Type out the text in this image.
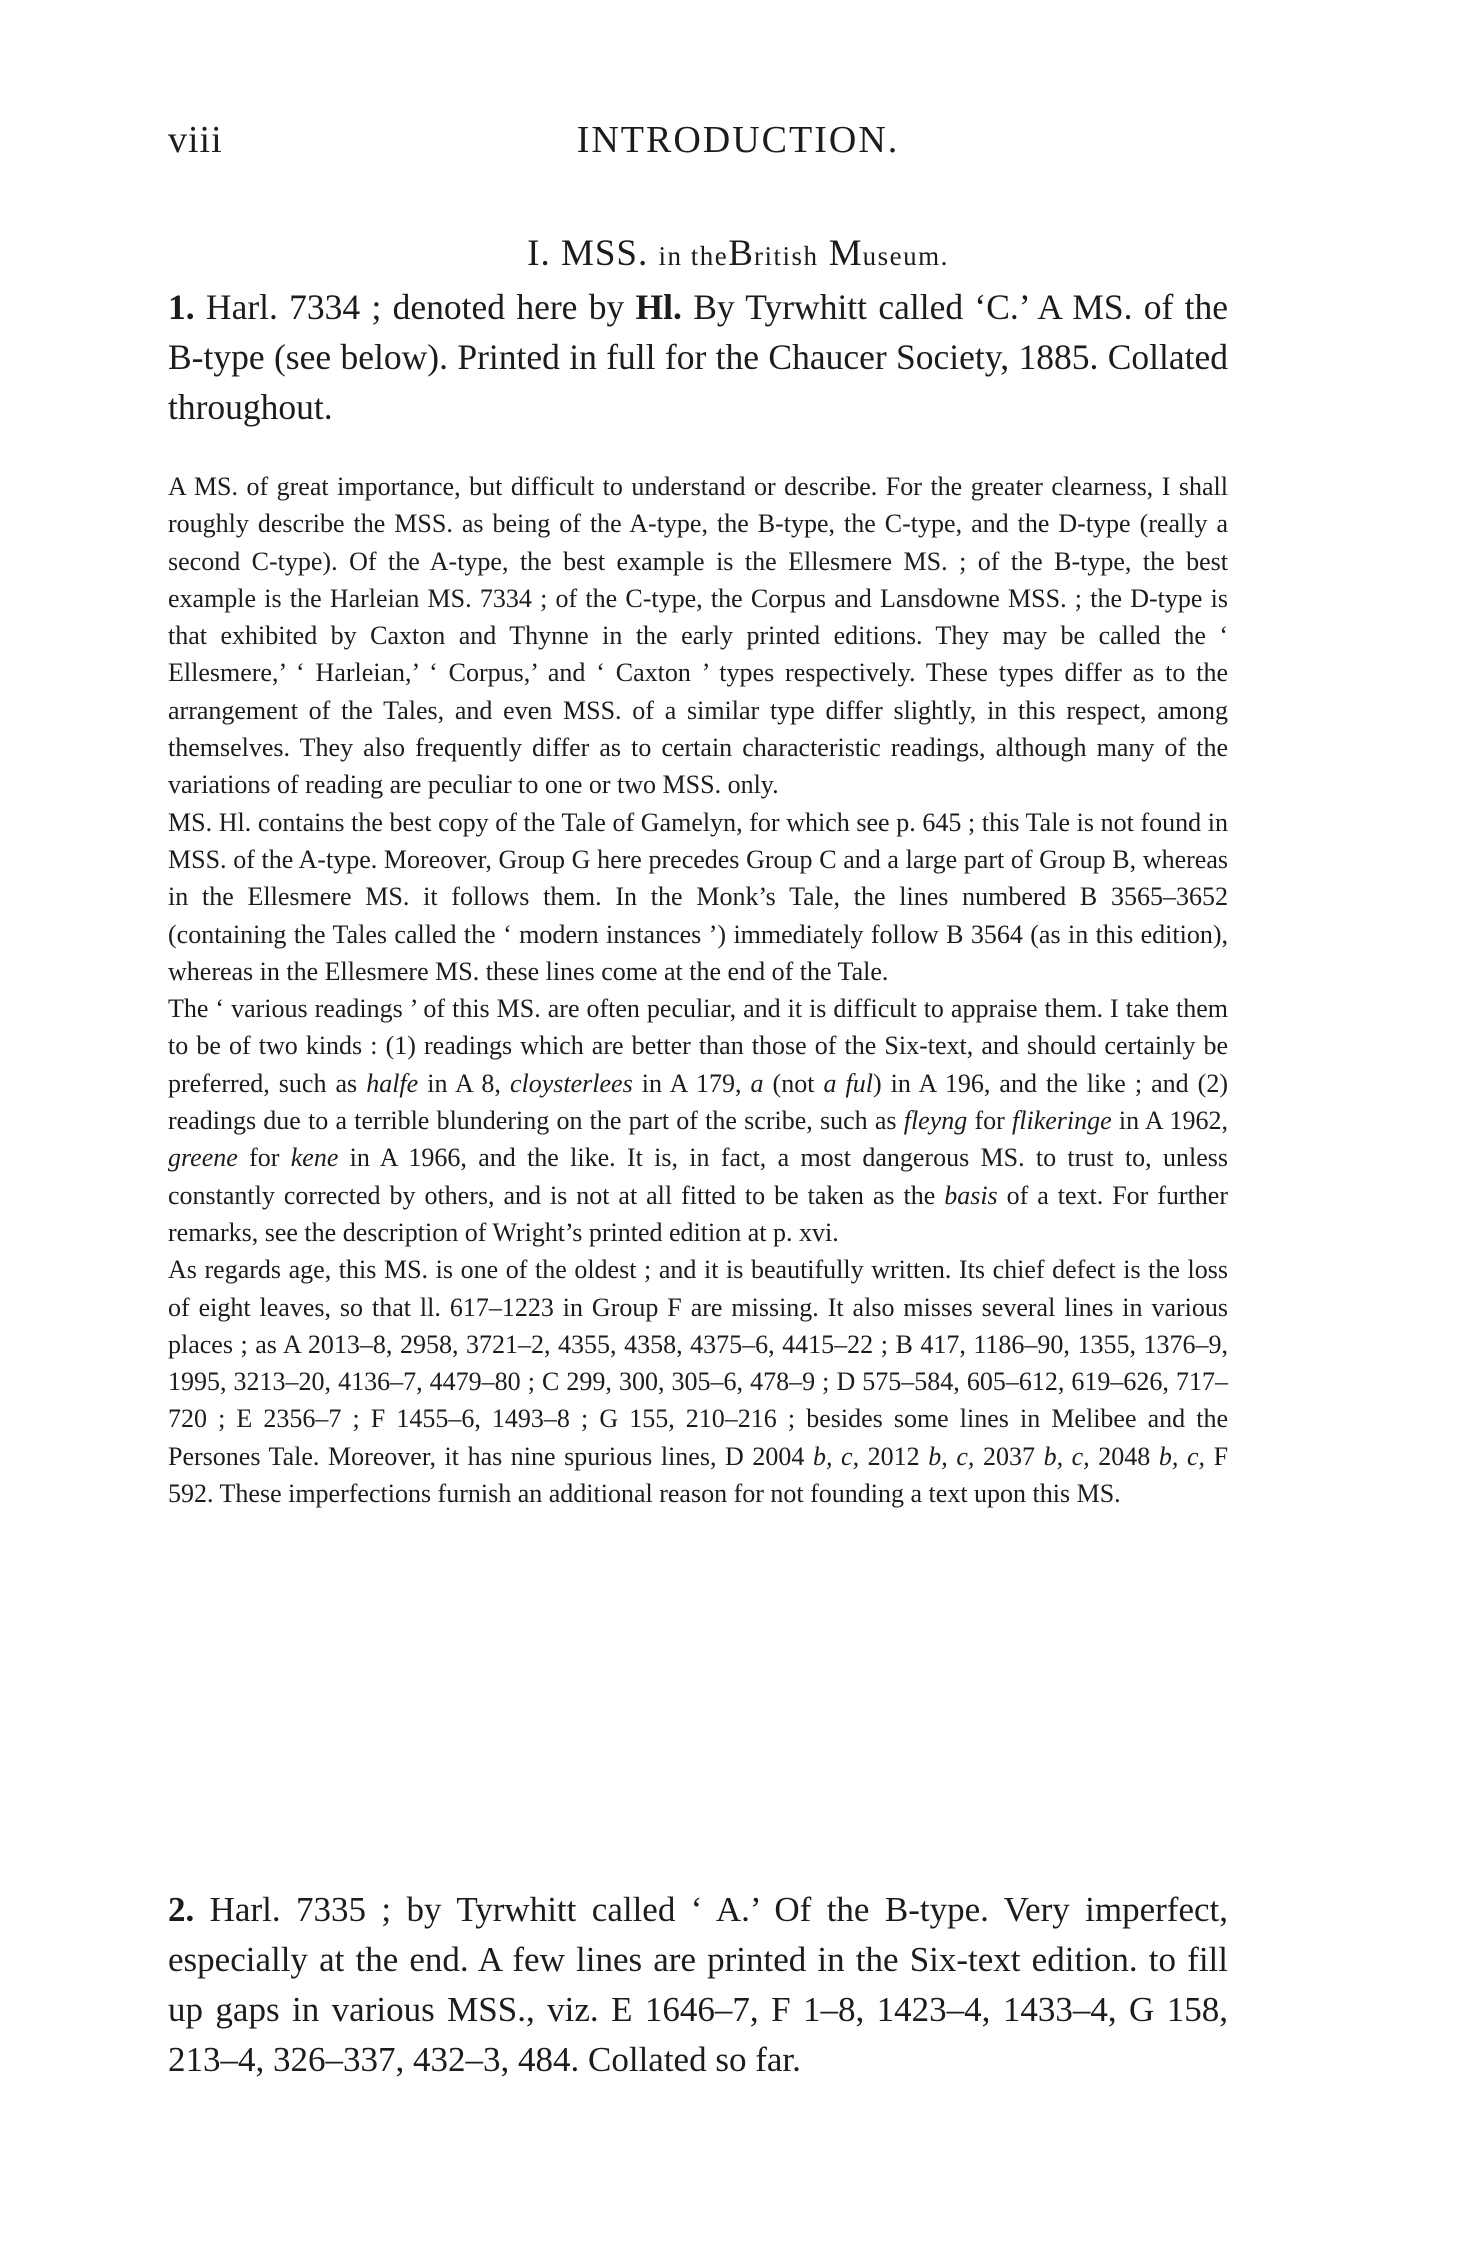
viii	INTRODUCTION.
I. MSS. in theBritish Museum.

1. Harl. 7334 ; denoted here by Hl. By Tyrwhitt called ‘C.’ A MS. of the B-type (see below). Printed in full for the Chaucer Society, 1885. Collated throughout.

A MS. of great importance, but difficult to understand or describe. For the greater clearness, I shall roughly describe the MSS. as being of the A-type, the B-type, the C-type, and the D-type (really a second C-type). Of the A-type, the best example is the Ellesmere MS. ; of the B-type, the best example is the Harleian MS. 7334 ; of the C-type, the Corpus and Lansdowne MSS. ; the D-type is that exhibited by Caxton and Thynne in the early printed editions. They may be called the ‘ Ellesmere,’ ‘ Harleian,’ ‘ Corpus,’ and ‘ Caxton ’ types respectively. These types differ as to the arrangement of the Tales, and even MSS. of a similar type differ slightly, in this respect, among themselves. They also frequently differ as to certain characteristic readings, although many of the variations of reading are peculiar to one or two MSS. only.

MS. Hl. contains the best copy of the Tale of Gamelyn, for which see p. 645 ; this Tale is not found in MSS. of the A-type. Moreover, Group G here precedes Group C and a large part of Group B, whereas in the Ellesmere MS. it follows them. In the Monk’s Tale, the lines numbered B 3565–3652 (containing the Tales called the ‘ modern instances ’) immediately follow B 3564 (as in this edition), whereas in the Ellesmere MS. these lines come at the end of the Tale.

The ‘ various readings ’ of this MS. are often peculiar, and it is difficult to appraise them. I take them to be of two kinds : (1) readings which are better than those of the Six-text, and should certainly be preferred, such as halfe in A 8, cloysterlees in A 179, a (not a ful) in A 196, and the like ; and (2) readings due to a terrible blundering on the part of the scribe, such as fleyng for flikeringe in A 1962, greene for kene in A 1966, and the like. It is, in fact, a most dangerous MS. to trust to, unless constantly corrected by others, and is not at all fitted to be taken as the basis of a text. For further remarks, see the description of Wright’s printed edition at p. xvi.

As regards age, this MS. is one of the oldest ; and it is beautifully written. Its chief defect is the loss of eight leaves, so that ll. 617–1223 in Group F are missing. It also misses several lines in various places ; as A 2013–8, 2958, 3721–2, 4355, 4358, 4375–6, 4415–22 ; B 417, 1186–90, 1355, 1376–9, 1995, 3213–20, 4136–7, 4479–80 ; C 299, 300, 305–6, 478–9 ; D 575–584, 605–612, 619–626, 717–720 ; E 2356–7 ; F 1455–6, 1493–8 ; G 155, 210–216 ; besides some lines in Melibee and the Persones Tale. Moreover, it has nine spurious lines, D 2004 b, c, 2012 b, c, 2037 b, c, 2048 b, c, F 592. These imperfections furnish an additional reason for not founding a text upon this MS.

2. Harl. 7335 ; by Tyrwhitt called ‘ A.’ Of the B-type. Very imperfect, especially at the end. A few lines are printed in the Six-text edition. to fill up gaps in various MSS., viz. E 1646–7, F 1–8, 1423–4, 1433–4, G 158, 213–4, 326–337, 432–3, 484. Collated so far.
